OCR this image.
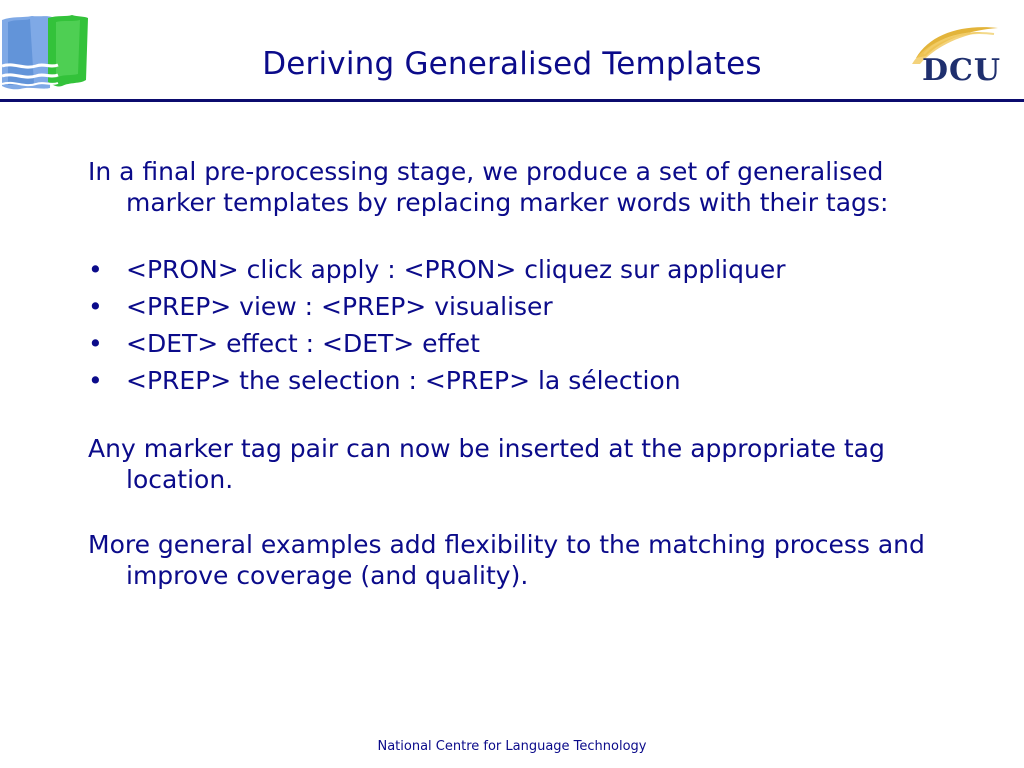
Deriving Generalised Templates	DCU

In a final pre-processing stage, we produce a set of generalised marker templates by replacing marker words with their tags:

• <PRON> click apply : <PRON> cliquez sur appliquer
• <PREP> view : <PREP> visualiser
• <DET> effect : <DET> effet
• <PREP> the selection : <PREP> la sélection

Any marker tag pair can now be inserted at the appropriate tag location.

More general examples add flexibility to the matching process and improve coverage (and quality).

National Centre for Language Technology
